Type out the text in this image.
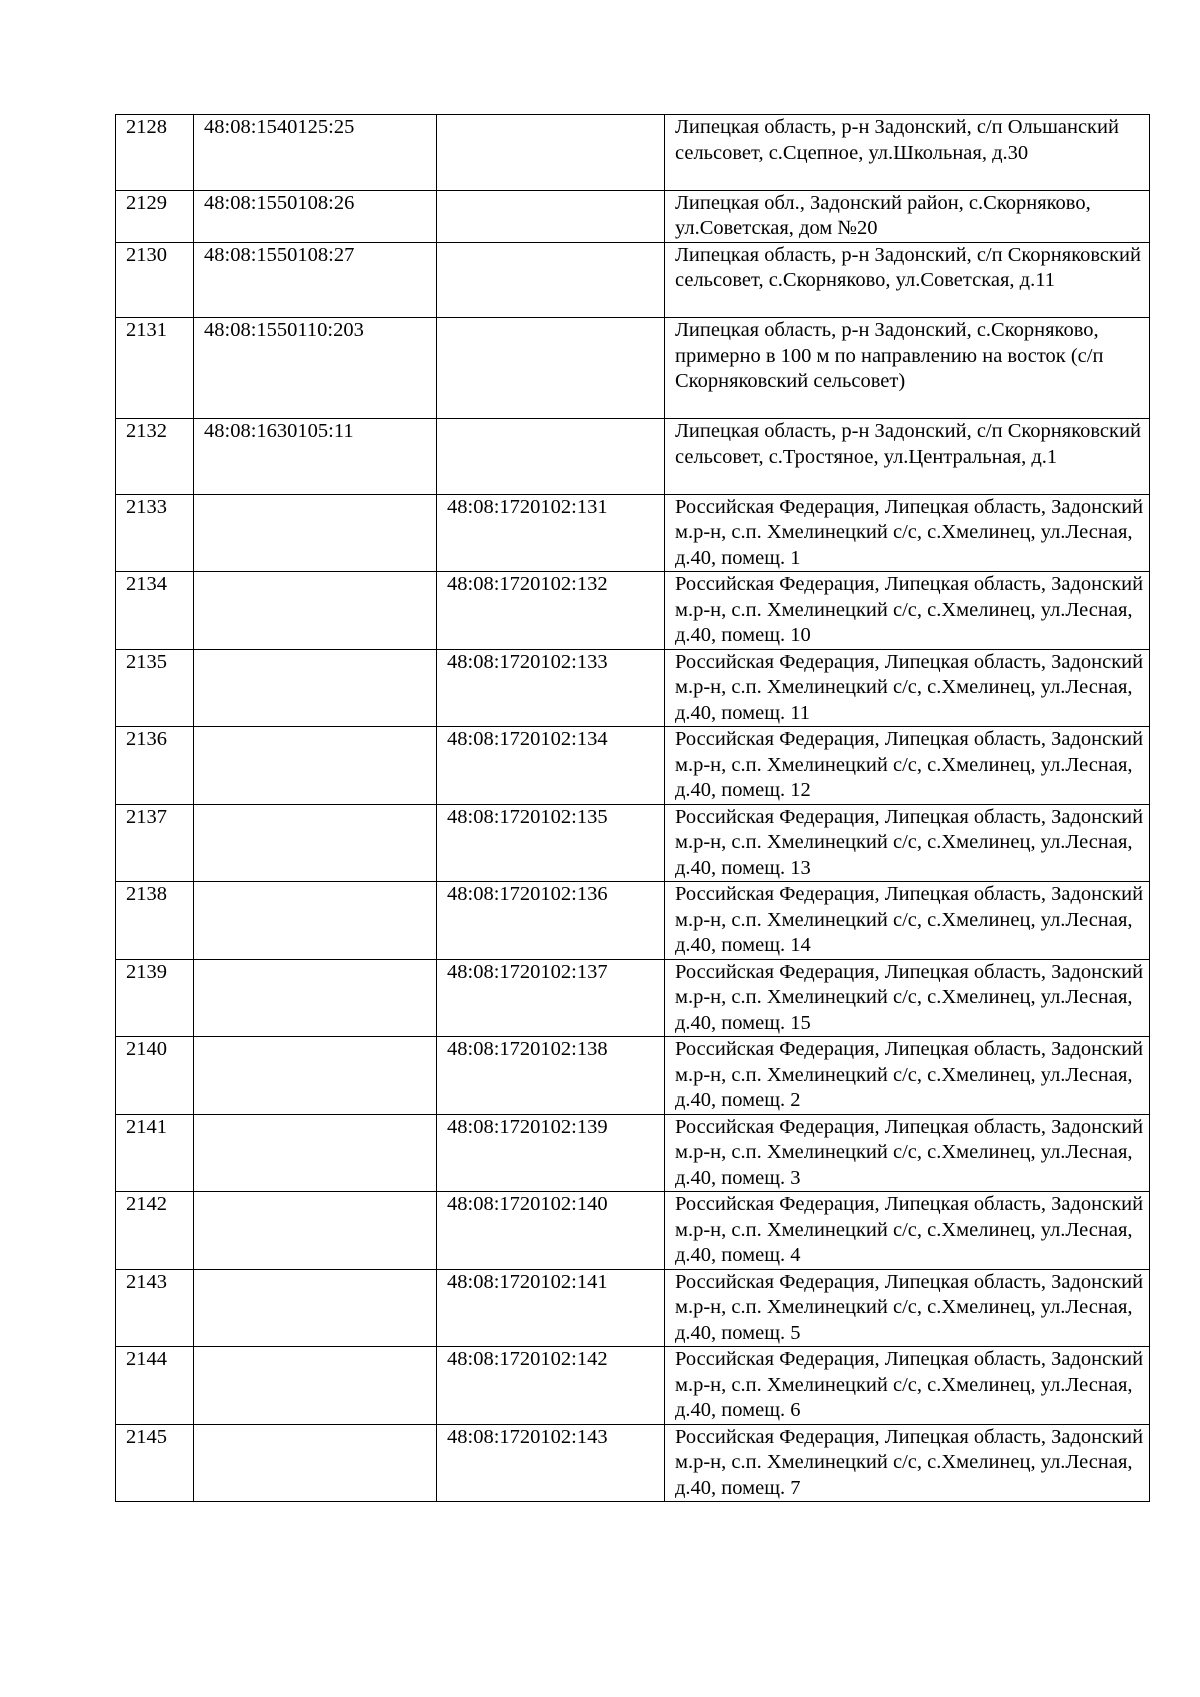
2128	48:08:1540125:25		Липецкая область, р-н Задонский, с/п Ольшанский сельсовет, с.Сцепное, ул.Школьная, д.30
2129	48:08:1550108:26		Липецкая обл., Задонский район, с.Скорняково, ул.Советская, дом №20
2130	48:08:1550108:27		Липецкая область, р-н Задонский, с/п Скорняковский сельсовет, с.Скорняково, ул.Советская, д.11
2131	48:08:1550110:203		Липецкая область, р-н Задонский, с.Скорняково, примерно в 100 м по направлению на восток (с/п Скорняковский сельсовет)
2132	48:08:1630105:11		Липецкая область, р-н Задонский, с/п Скорняковский сельсовет, с.Тростяное, ул.Центральная, д.1
2133		48:08:1720102:131	Российская Федерация, Липецкая область, Задонский м.р-н, с.п. Хмелинецкий с/с, с.Хмелинец, ул.Лесная, д.40, помещ. 1
2134		48:08:1720102:132	Российская Федерация, Липецкая область, Задонский м.р-н, с.п. Хмелинецкий с/с, с.Хмелинец, ул.Лесная, д.40, помещ. 10
2135		48:08:1720102:133	Российская Федерация, Липецкая область, Задонский м.р-н, с.п. Хмелинецкий с/с, с.Хмелинец, ул.Лесная, д.40, помещ. 11
2136		48:08:1720102:134	Российская Федерация, Липецкая область, Задонский м.р-н, с.п. Хмелинецкий с/с, с.Хмелинец, ул.Лесная, д.40, помещ. 12
2137		48:08:1720102:135	Российская Федерация, Липецкая область, Задонский м.р-н, с.п. Хмелинецкий с/с, с.Хмелинец, ул.Лесная, д.40, помещ. 13
2138		48:08:1720102:136	Российская Федерация, Липецкая область, Задонский м.р-н, с.п. Хмелинецкий с/с, с.Хмелинец, ул.Лесная, д.40, помещ. 14
2139		48:08:1720102:137	Российская Федерация, Липецкая область, Задонский м.р-н, с.п. Хмелинецкий с/с, с.Хмелинец, ул.Лесная, д.40, помещ. 15
2140		48:08:1720102:138	Российская Федерация, Липецкая область, Задонский м.р-н, с.п. Хмелинецкий с/с, с.Хмелинец, ул.Лесная, д.40, помещ. 2
2141		48:08:1720102:139	Российская Федерация, Липецкая область, Задонский м.р-н, с.п. Хмелинецкий с/с, с.Хмелинец, ул.Лесная, д.40, помещ. 3
2142		48:08:1720102:140	Российская Федерация, Липецкая область, Задонский м.р-н, с.п. Хмелинецкий с/с, с.Хмелинец, ул.Лесная, д.40, помещ. 4
2143		48:08:1720102:141	Российская Федерация, Липецкая область, Задонский м.р-н, с.п. Хмелинецкий с/с, с.Хмелинец, ул.Лесная, д.40, помещ. 5
2144		48:08:1720102:142	Российская Федерация, Липецкая область, Задонский м.р-н, с.п. Хмелинецкий с/с, с.Хмелинец, ул.Лесная, д.40, помещ. 6
2145		48:08:1720102:143	Российская Федерация, Липецкая область, Задонский м.р-н, с.п. Хмелинецкий с/с, с.Хмелинец, ул.Лесная, д.40, помещ. 7
